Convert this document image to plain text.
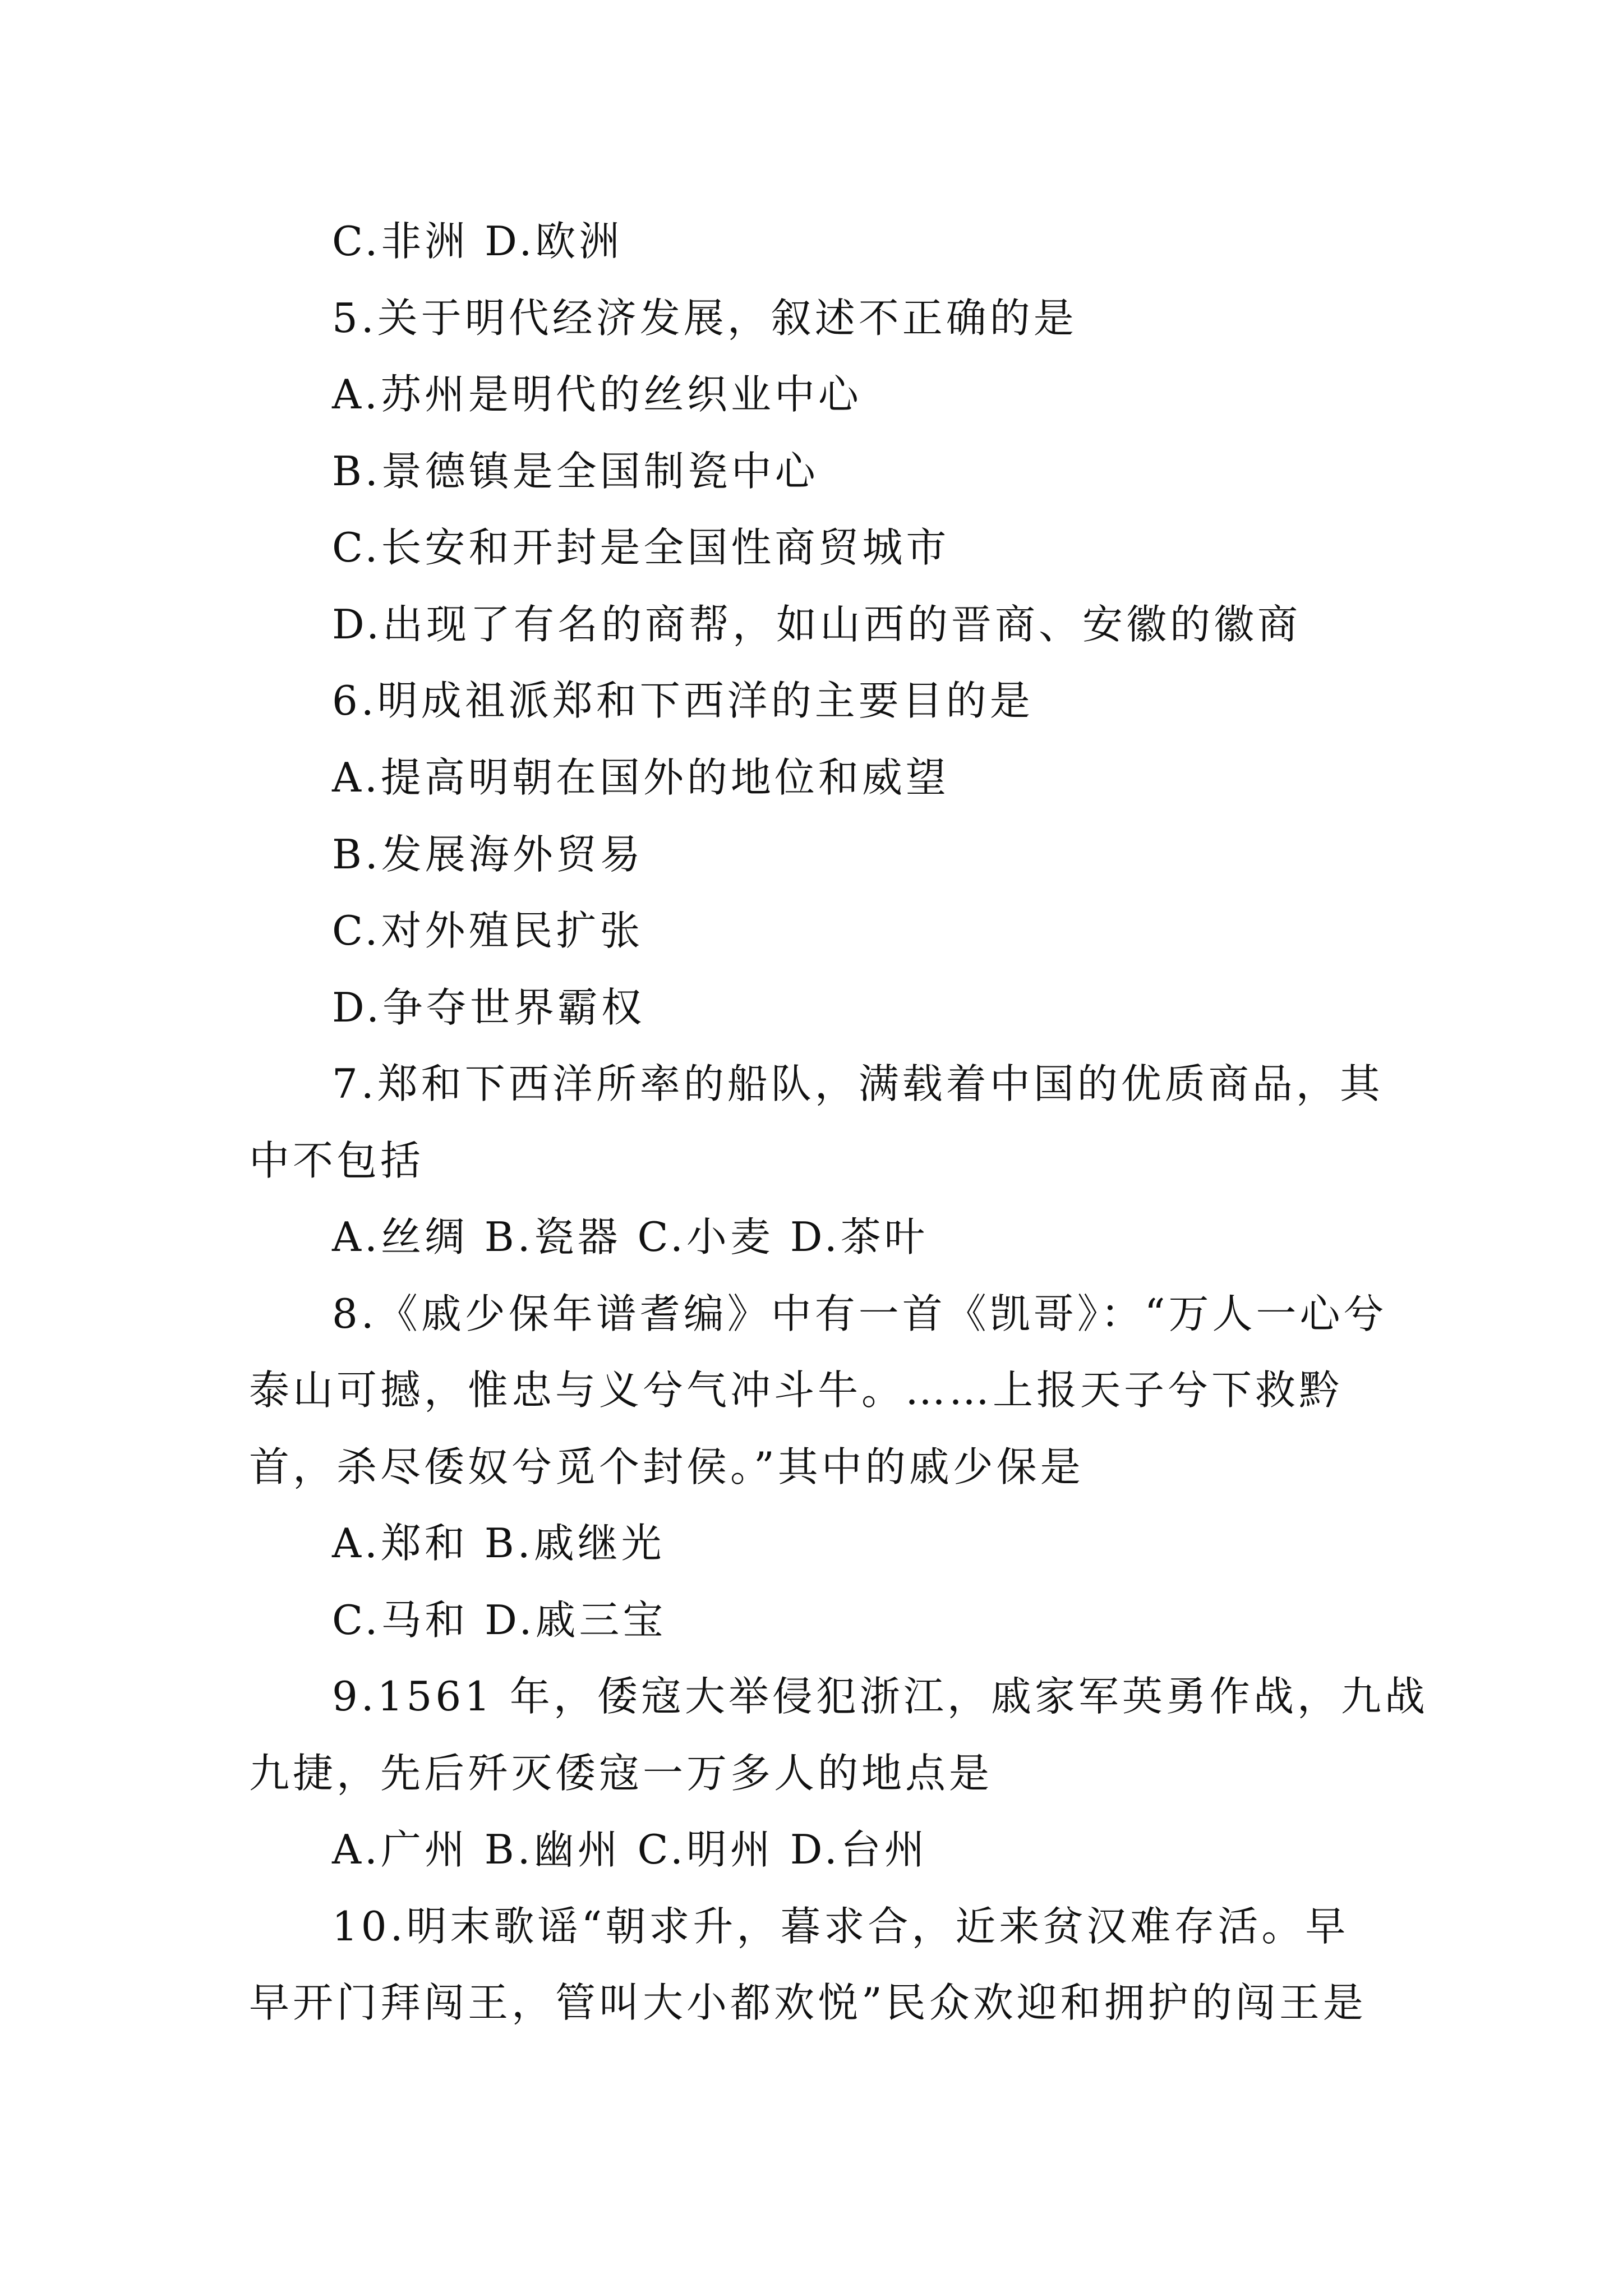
C.非洲 D.欧洲
5.关于明代经济发展，叙述不正确的是
A.苏州是明代的丝织业中心
B.景德镇是全国制瓷中心
C.长安和开封是全国性商贸城市
D.出现了有名的商帮，如山西的晋商、安徽的徽商
6.明成祖派郑和下西洋的主要目的是
A.提高明朝在国外的地位和威望
B.发展海外贸易
C.对外殖民扩张
D.争夺世界霸权
7.郑和下西洋所率的船队，满载着中国的优质商品，其
中不包括
A.丝绸 B.瓷器 C.小麦 D.茶叶
8.《戚少保年谱耆编》中有一首《凯哥》：“万人一心兮
泰山可撼，惟忠与义兮气冲斗牛。……上报天子兮下救黔
首，杀尽倭奴兮觅个封侯。”其中的戚少保是
A.郑和 B.戚继光
C.马和 D.戚三宝
9.1561 年，倭寇大举侵犯浙江，戚家军英勇作战，九战
九捷，先后歼灭倭寇一万多人的地点是
A.广州 B.幽州 C.明州 D.台州
10.明末歌谣“朝求升，暮求合，近来贫汉难存活。早
早开门拜闯王，管叫大小都欢悦”民众欢迎和拥护的闯王是
